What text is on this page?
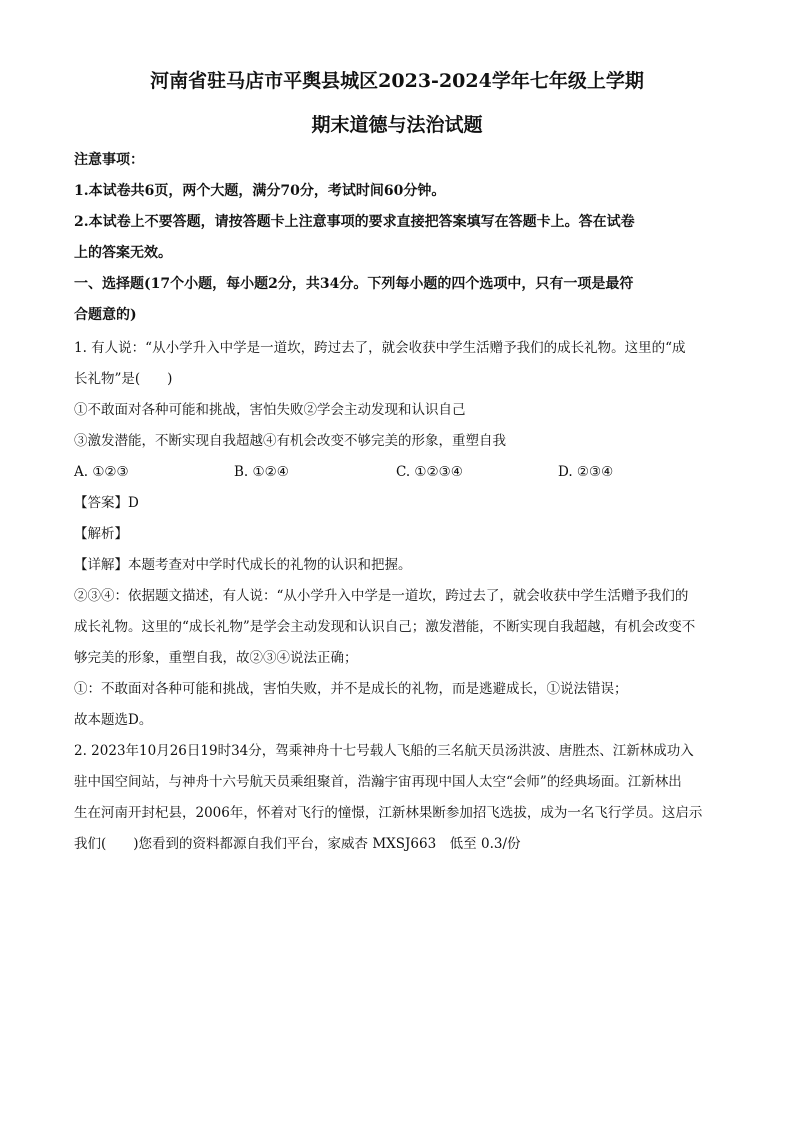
河南省驻马店市平舆县城区2023-2024学年七年级上学期
期末道德与法治试题
注意事项：
1.本试卷共6页，两个大题，满分70分，考试时间60分钟。
2.本试卷上不要答题，请按答题卡上注意事项的要求直接把答案填写在答题卡上。答在试卷
上的答案无效。
一、选择题(17个小题，每小题2分，共34分。下列每小题的四个选项中，只有一项是最符
合题意的)
1. 有人说：“从小学升入中学是一道坎，跨过去了，就会收获中学生活赠予我们的成长礼物。这里的“成
长礼物”是(　　)
①不敢面对各种可能和挑战，害怕失败②学会主动发现和认识自己
③激发潜能，不断实现自我超越④有机会改变不够完美的形象，重塑自我
A. ①②③	B. ①②④	C. ①②③④	D. ②③④
【答案】D
【解析】
【详解】本题考查对中学时代成长的礼物的认识和把握。
②③④：依据题文描述，有人说：“从小学升入中学是一道坎，跨过去了，就会收获中学生活赠予我们的
成长礼物。这里的“成长礼物”是学会主动发现和认识自己；激发潜能，不断实现自我超越，有机会改变不
够完美的形象，重塑自我，故②③④说法正确；
①：不敢面对各种可能和挑战，害怕失败，并不是成长的礼物，而是逃避成长，①说法错误；
故本题选D。
2. 2023年10月26日19时34分，驾乘神舟十七号载人飞船的三名航天员汤洪波、唐胜杰、江新林成功入
驻中国空间站，与神舟十六号航天员乘组聚首，浩瀚宇宙再现中国人太空“会师”的经典场面。江新林出
生在河南开封杞县，2006年，怀着对飞行的憧憬，江新林果断参加招飞选拔，成为一名飞行学员。这启示
我们(　　)您看到的资料都源自我们平台，家威杏 MXSJ663　低至 0.3/份
